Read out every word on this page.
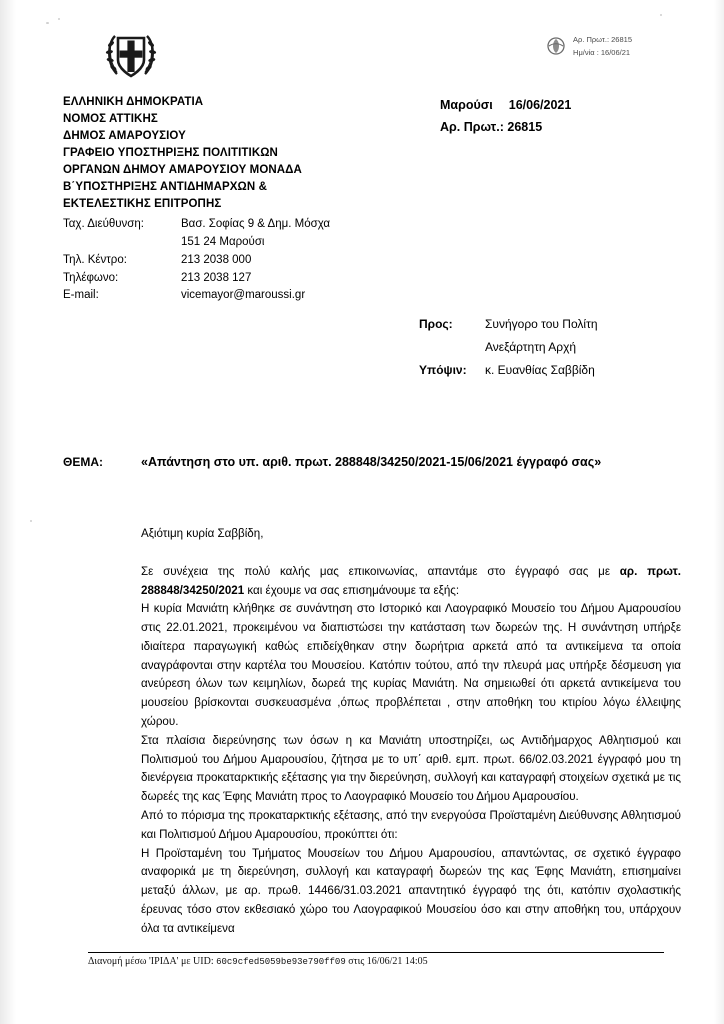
Αρ. Πρωτ.: 26815
Ημ/νία : 16/06/21
ΕΛΛΗΝΙΚΗ ΔΗΜΟΚΡΑΤΙΑ
ΝΟΜΟΣ ΑΤΤΙΚΗΣ
ΔΗΜΟΣ ΑΜΑΡΟΥΣΙΟΥ
ΓΡΑΦΕΙΟ ΥΠΟΣΤΗΡΙΞΗΣ ΠΟΛΙΤΙΤΙΚΩΝ
ΟΡΓΑΝΩΝ ΔΗΜΟΥ ΑΜΑΡΟΥΣΙΟΥ ΜΟΝΑΔΑ
Β΄ΥΠΟΣΤΗΡΙΞΗΣ ΑΝΤΙΔΗΜΑΡΧΩΝ &
ΕΚΤΕΛΕΣΤΙΚΗΣ ΕΠΙΤΡΟΠΗΣ
Ταχ. Διεύθυνση:	Βασ. Σοφίας 9 & Δημ. Μόσχα
151 24 Μαρούσι
Τηλ. Κέντρο:	213 2038 000
Τηλέφωνο:	213 2038 127
E-mail:	vicemayor@maroussi.gr
Μαρούσι 16/06/2021
Αρ. Πρωτ.: 26815
Προς:	Συνήγορο του Πολίτη
Ανεξάρτητη Αρχή
Υπόψιν:	κ. Ευανθίας Σαββίδη
ΘΕΜΑ:	«Απάντηση στο υπ. αριθ. πρωτ. 288848/34250/2021-15/06/2021 έγγραφό σας»

Αξιότιμη κυρία Σαββίδη,

Σε συνέχεια της πολύ καλής μας επικοινωνίας, απαντάμε στο έγγραφό σας με αρ. πρωτ. 288848/34250/2021 και έχουμε να σας επισημάνουμε τα εξής:

Η κυρία Μανιάτη κλήθηκε σε συνάντηση στο Ιστορικό και Λαογραφικό Μουσείο του Δήμου Αμαρουσίου στις 22.01.2021, προκειμένου να διαπιστώσει την κατάσταση των δωρεών της. Η συνάντηση υπήρξε ιδιαίτερα παραγωγική καθώς επιδείχθηκαν στην δωρήτρια αρκετά από τα αντικείμενα τα οποία αναγράφονται στην καρτέλα του Μουσείου. Κατόπιν τούτου, από την πλευρά μας υπήρξε δέσμευση για ανεύρεση όλων των κειμηλίων, δωρεά της κυρίας Μανιάτη. Να σημειωθεί ότι αρκετά αντικείμενα του μουσείου βρίσκονται συσκευασμένα ,όπως προβλέπεται , στην αποθήκη του κτιρίου λόγω έλλειψης χώρου.

Στα πλαίσια διερεύνησης των όσων η κα Μανιάτη υποστηρίζει, ως Αντιδήμαρχος Αθλητισμού και Πολιτισμού του Δήμου Αμαρουσίου, ζήτησα με το υπ΄ αριθ. εμπ. πρωτ. 66/02.03.2021 έγγραφό μου τη διενέργεια προκαταρκτικής εξέτασης για την διερεύνηση, συλλογή και καταγραφή στοιχείων σχετικά με τις δωρεές της κας Έφης Μανιάτη προς το Λαογραφικό Μουσείο του Δήμου Αμαρουσίου.

Από το πόρισμα της προκαταρκτικής εξέτασης, από την ενεργούσα Προϊσταμένη Διεύθυνσης Αθλητισμού και Πολιτισμού Δήμου Αμαρουσίου, προκύπτει ότι:

Η Προϊσταμένη του Τμήματος Μουσείων του Δήμου Αμαρουσίου, απαντώντας, σε σχετικό έγγραφο αναφορικά με τη διερεύνηση, συλλογή και καταγραφή δωρεών της κας Έφης Μανιάτη, επισημαίνει μεταξύ άλλων, με αρ. πρωθ. 14466/31.03.2021 απαντητικό έγγραφό της ότι, κατόπιν σχολαστικής έρευνας τόσο στον εκθεσιακό χώρο του Λαογραφικού Μουσείου όσο και στην αποθήκη του, υπάρχουν όλα τα αντικείμενα

Διανομή μέσω 'ΙΡΙΔΑ' με UID: 60c9cfed5059be93e790ff09 στις 16/06/21 14:05
